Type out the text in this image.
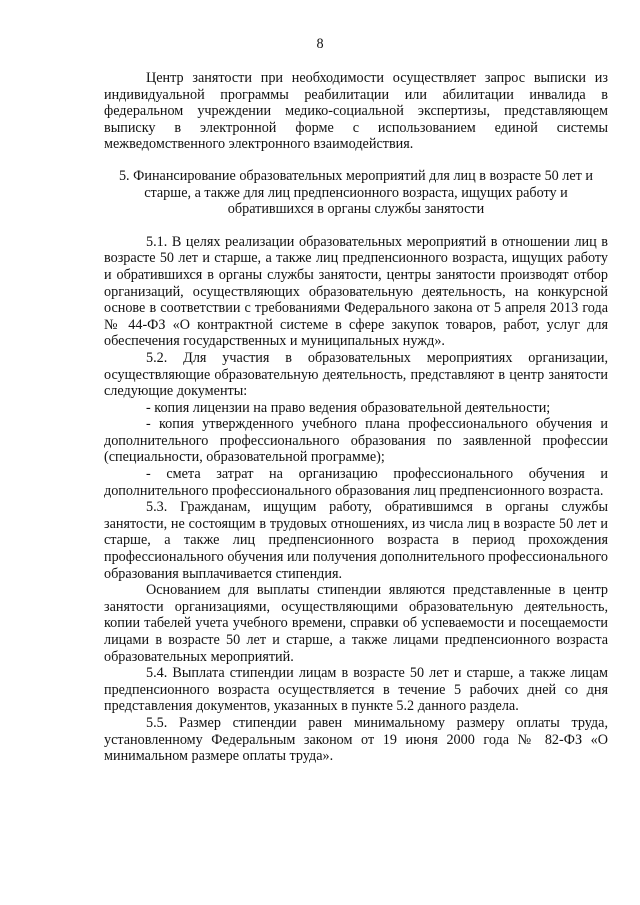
8

Центр занятости при необходимости осуществляет запрос выписки из индивидуальной программы реабилитации или абилитации инвалида в федеральном учреждении медико-социальной экспертизы, представляющем выписку в электронной форме с использованием единой системы межведомственного электронного взаимодействия.

5. Финансирование образовательных мероприятий для лиц в возрасте 50 лет и старше, а также для лиц предпенсионного возраста, ищущих работу и обратившихся в органы службы занятости

5.1. В целях реализации образовательных мероприятий в отношении лиц в возрасте 50 лет и старше, а также лиц предпенсионного возраста, ищущих работу и обратившихся в органы службы занятости, центры занятости производят отбор организаций, осуществляющих образовательную деятельность, на конкурсной основе в соответствии с требованиями Федерального закона от 5 апреля 2013 года № 44-ФЗ «О контрактной системе в сфере закупок товаров, работ, услуг для обеспечения государственных и муниципальных нужд».

5.2. Для участия в образовательных мероприятиях организации, осуществляющие образовательную деятельность, представляют в центр занятости следующие документы:

- копия лицензии на право ведения образовательной деятельности;

- копия утвержденного учебного плана профессионального обучения и дополнительного профессионального образования по заявленной профессии (специальности, образовательной программе);

- смета затрат на организацию профессионального обучения и дополнительного профессионального образования лиц предпенсионного возраста.

5.3. Гражданам, ищущим работу, обратившимся в органы службы занятости, не состоящим в трудовых отношениях, из числа лиц в возрасте 50 лет и старше, а также лиц предпенсионного возраста в период прохождения профессионального обучения или получения дополнительного профессионального образования выплачивается стипендия.

Основанием для выплаты стипендии являются представленные в центр занятости организациями, осуществляющими образовательную деятельность, копии табелей учета учебного времени, справки об успеваемости и посещаемости лицами в возрасте 50 лет и старше, а также лицами предпенсионного возраста образовательных мероприятий.

5.4. Выплата стипендии лицам в возрасте 50 лет и старше, а также лицам предпенсионного возраста осуществляется в течение 5 рабочих дней со дня представления документов, указанных в пункте 5.2 данного раздела.

5.5. Размер стипендии равен минимальному размеру оплаты труда, установленному Федеральным законом от 19 июня 2000 года № 82-ФЗ «О минимальном размере оплаты труда».
